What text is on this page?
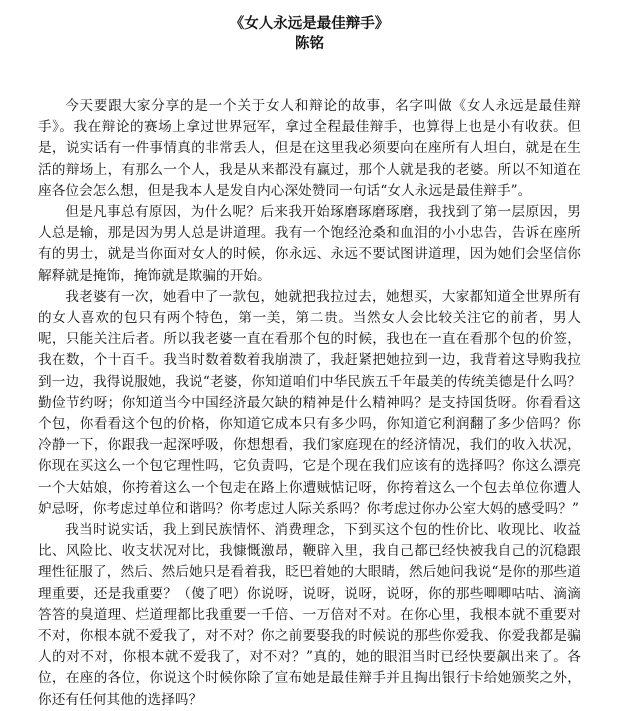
《女人永远是最佳辩手》
陈铭

今天要跟大家分享的是一个关于女人和辩论的故事，名字叫做《女人永远是最佳辩手》。我在辩论的赛场上拿过世界冠军，拿过全程最佳辩手，也算得上也是小有收获。但是，说实话有一件事情真的非常丢人，但是在这里我必须要向在座所有人坦白，就是在生活的辩场上，有那么一个人，我是从来都没有赢过，那个人就是我的老婆。所以不知道在座各位会怎么想，但是我本人是发自内心深处赞同一句话“女人永远是最佳辩手”。

但是凡事总有原因，为什么呢？后来我开始琢磨琢磨琢磨，我找到了第一层原因，男人总是输，那是因为男人总是讲道理。我有一个饱经沧桑和血泪的小小忠告，告诉在座所有的男士，就是当你面对女人的时候，你永远、永远不要试图讲道理，因为她们会坚信你解释就是掩饰，掩饰就是欺骗的开始。

我老婆有一次，她看中了一款包，她就把我拉过去，她想买，大家都知道全世界所有的女人喜欢的包只有两个特色，第一美，第二贵。当然女人会比较关注它的前者，男人呢，只能关注后者。所以我老婆一直在看那个包的时候，我也在一直在看那个包的价签，我在数，个十百千。我当时数着数着我崩溃了，我赶紧把她拉到一边，我背着这导购我拉到一边，我得说服她，我说“老婆，你知道咱们中华民族五千年最美的传统美德是什么吗？勤俭节约呀；你知道当今中国经济最欠缺的精神是什么精神吗？是支持国货呀。你看看这个包，你看看这个包的价格，你知道它成本只有多少吗，你知道它利润翻了多少倍吗？你冷静一下，你跟我一起深呼吸，你想想看，我们家庭现在的经济情况，我们的收入状况，你现在买这么一个包它理性吗，它负责吗，它是个现在我们应该有的选择吗？你这么漂亮一个大姑娘，你挎着这么一个包走在路上你遭贼惦记呀，你挎着这么一个包去单位你遭人妒忌呀，你考虑过单位和谐吗？你考虑过人际关系吗？你考虑过你办公室大妈的感受吗？”

我当时说实话，我上到民族情怀、消费理念，下到买这个包的性价比、收现比、收益比、风险比、收支状况对比，我慷慨激昂，鞭辟入里，我自己都已经快被我自己的沉稳跟理性征服了，然后、然后她只是看着我，眨巴着她的大眼睛，然后她问我说“是你的那些道理重要，还是我重要？（傻了吧）你说呀，说呀，说呀，说呀，你的那些唧唧咕咕、滴滴答答的臭道理、烂道理都比我重要一千倍、一万倍对不对。在你心里，我根本就不重要对不对，你根本就不爱我了，对不对？你之前要娶我的时候说的那些你爱我、你爱我都是骗人的对不对，你根本就不爱我了，对不对？”真的，她的眼泪当时已经快要飙出来了。各位，在座的各位，你说这个时候你除了宣布她是最佳辩手并且掏出银行卡给她颁奖之外，你还有任何其他的选择吗？
